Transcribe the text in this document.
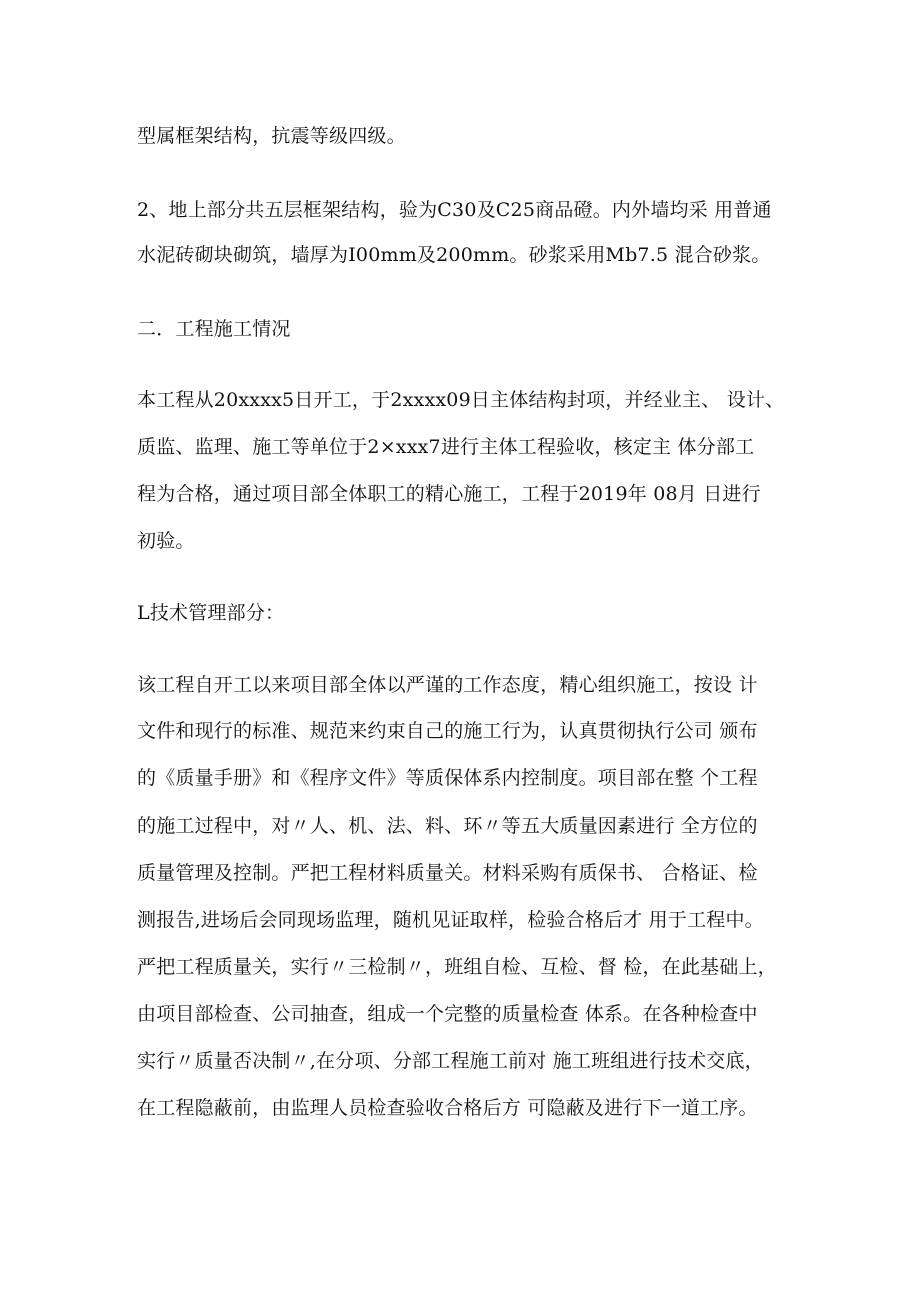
型属框架结构，抗震等级四级。
2、地上部分共五层框架结构，验为C30及C25商品磴。内外墙均采 用普通
水泥砖砌块砌筑，墙厚为I00mm及200mm。砂浆采用Mb7.5 混合砂浆。
二．工程施工情况
本工程从20xxxx5日开工，于2xxxx09日主体结构封项，并经业主、 设计、
质监、监理、施工等单位于2×xxx7进行主体工程验收，核定主 体分部工
程为合格，通过项目部全体职工的精心施工，工程于2019年 08月 日进行
初验。
L技术管理部分：
该工程自开工以来项目部全体以严谨的工作态度，精心组织施工，按设 计
文件和现行的标准、规范来约束自己的施工行为，认真贯彻执行公司 颁布
的《质量手册》和《程序文件》等质保体系内控制度。项目部在整 个工程
的施工过程中，对〃人、机、法、料、环〃等五大质量因素进行 全方位的
质量管理及控制。严把工程材料质量关。材料采购有质保书、 合格证、检
测报告,进场后会同现场监理，随机见证取样，检验合格后才 用于工程中。
严把工程质量关，实行〃三检制〃，班组自检、互检、督 检，在此基础上，
由项目部检查、公司抽查，组成一个完整的质量检查 体系。在各种检查中
实行〃质量否决制〃,在分项、分部工程施工前对 施工班组进行技术交底，
在工程隐蔽前，由监理人员检查验收合格后方 可隐蔽及进行下一道工序。
